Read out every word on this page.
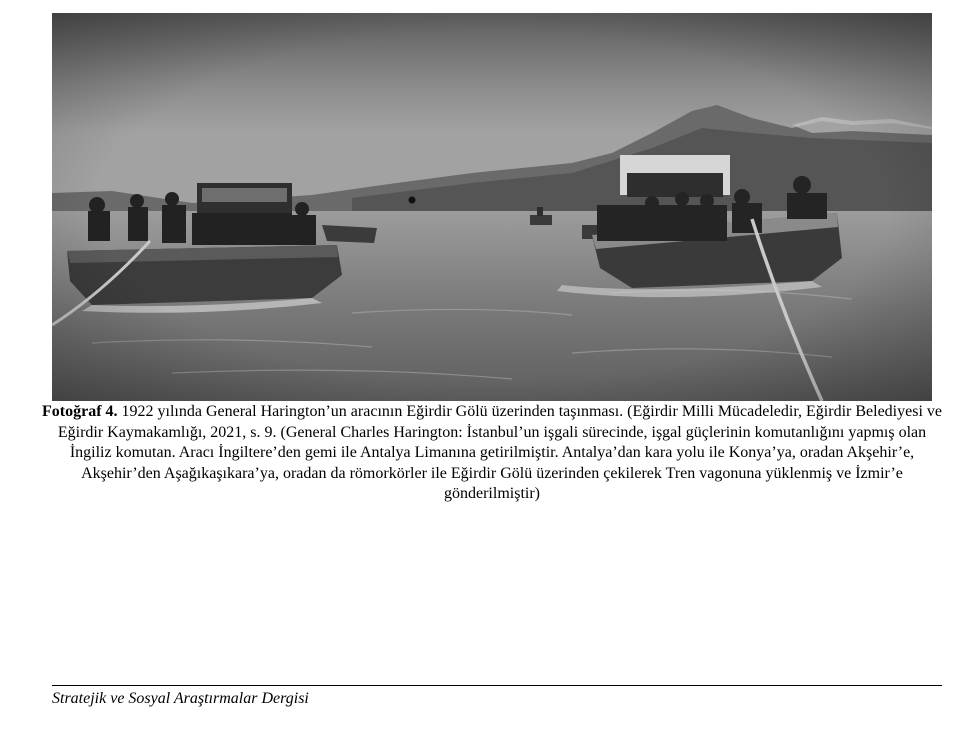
Fotoğraf 4. 1922 yılında General Harington’un aracının Eğirdir Gölü üzerinden taşınması. (Eğirdir Milli Mücadeledir, Eğirdir Belediyesi ve Eğirdir Kaymakamlığı, 2021, s. 9. (General Charles Harington: İstanbul’un işgali sürecinde, işgal güçlerinin komutanlığını yapmış olan İngiliz komutan. Aracı İngiltere’den gemi ile Antalya Limanına getirilmiştir. Antalya’dan kara yolu ile Konya’ya, oradan Akşehir’e, Akşehir’den Aşağıkaşıkara’ya, oradan da römorkörler ile Eğirdir Gölü üzerinden çekilerek Tren vagonuna yüklenmiş ve İzmir’e gönderilmiştir)
Stratejik ve Sosyal Araştırmalar Dergisi
